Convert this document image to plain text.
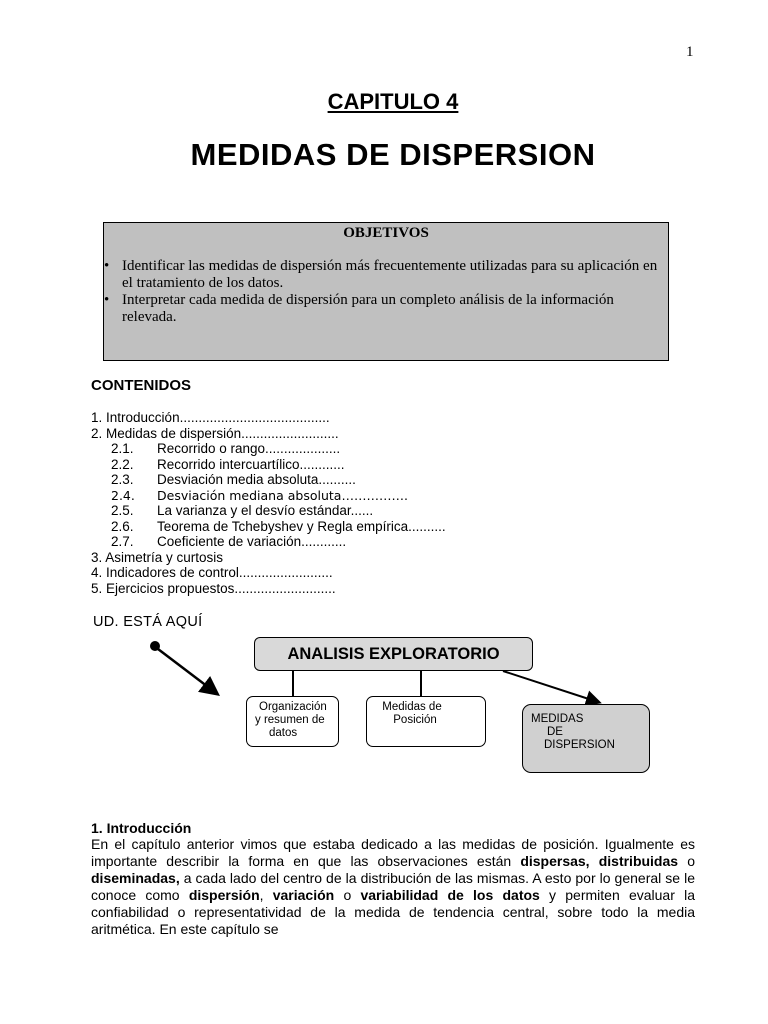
1
CAPITULO 4
MEDIDAS DE DISPERSION
OBJETIVOS
• Identificar las medidas de dispersión más frecuentemente utilizadas para su aplicación en el tratamiento de los datos.
• Interpretar cada medida de dispersión para un completo análisis de la información relevada.
CONTENIDOS
1. Introducción........................................
2. Medidas de dispersión..........................
2.1. Recorrido o rango....................
2.2. Recorrido intercuartílico............
2.3. Desviación media absoluta..........
2.4. Desviación mediana absoluta…………….
2.5. La varianza y el desvío estándar......
2.6. Teorema de Tchebyshev y Regla empírica..........
2.7. Coeficiente de variación............
3. Asimetría y curtosis
4. Indicadores de control.........................
5. Ejercicios propuestos...........................
UD. ESTÁ AQUÍ
ANALISIS EXPLORATORIO
Organización
y resumen de
datos
Medidas de
Posición	MEDIDAS
DE
DISPERSION
1. Introducción
En el capítulo anterior vimos que estaba dedicado a las medidas de posición. Igualmente es importante describir la forma en que las observaciones están dispersas, distribuidas o diseminadas, a cada lado del centro de la distribución de las mismas. A esto por lo general se le conoce como dispersión, variación o variabilidad de los datos y permiten evaluar la confiabilidad o representatividad de la medida de tendencia central, sobre todo la media aritmética. En este capítulo se
